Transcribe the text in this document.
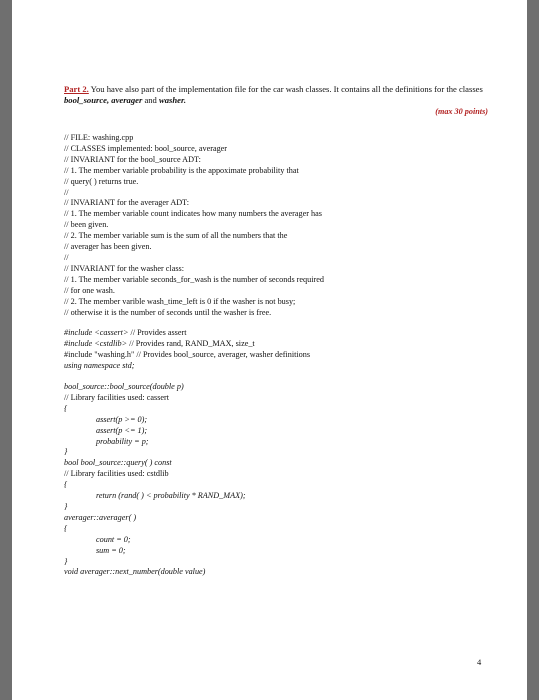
Part 2. You have also part of the implementation file for the car wash classes. It contains all the definitions for the classes bool_source, averager and washer.
(max 30 points)
// FILE: washing.cpp
// CLASSES implemented: bool_source, averager
// INVARIANT for the bool_source ADT:
// 1. The member variable probability is the appoximate probability that
// query( ) returns true.
//
// INVARIANT for the averager ADT:
// 1. The member variable count indicates how many numbers the averager has
// been given.
// 2. The member variable sum is the sum of all the numbers that the
// averager has been given.
//
// INVARIANT for the washer class:
// 1. The member variable seconds_for_wash is the number of seconds required
// for one wash.
// 2. The member varible wash_time_left is 0 if the washer is not busy;
// otherwise it is the number of seconds until the washer is free.
#include <cassert> // Provides assert
#include <cstdlib> // Provides rand, RAND_MAX, size_t
#include "washing.h" // Provides bool_source, averager, washer definitions
using namespace std;
bool_source::bool_source(double p)
// Library facilities used: cassert
{
assert(p >= 0);
assert(p <= 1);
probability = p;
}
bool bool_source::query( ) const
// Library facilities used: cstdlib
{
return (rand( ) < probability * RAND_MAX);
}
averager::averager( )
{
count = 0;
sum = 0;
}
void averager::next_number(double value)
4
